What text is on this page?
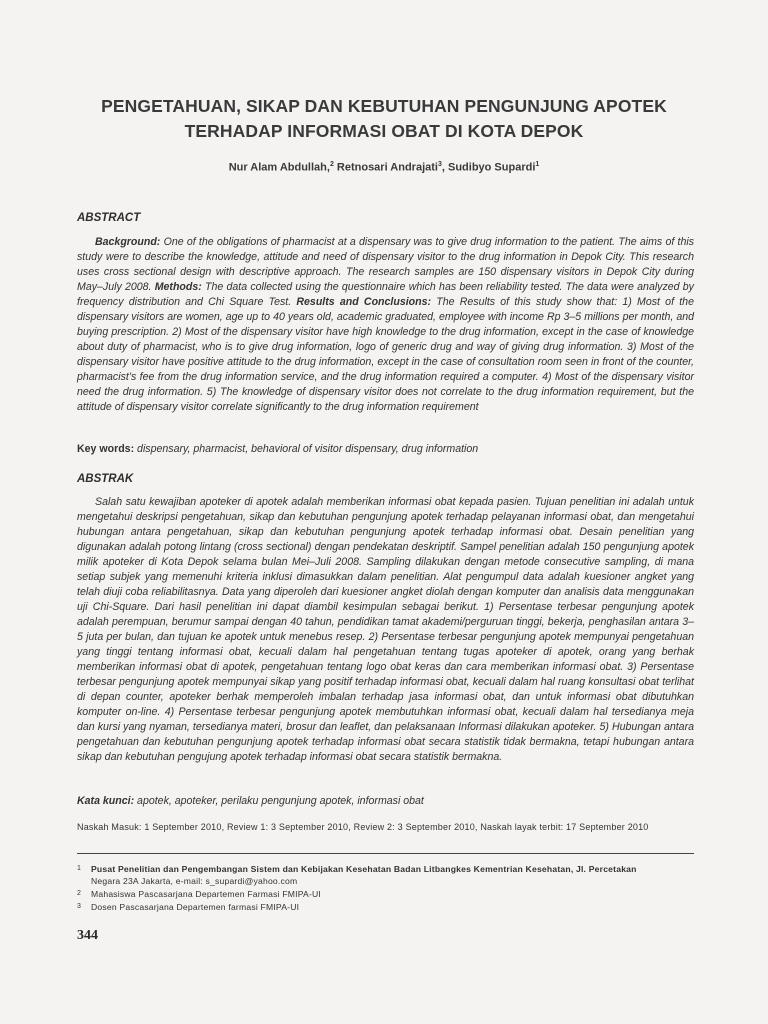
PENGETAHUAN, SIKAP DAN KEBUTUHAN PENGUNJUNG APOTEK
TERHADAP INFORMASI OBAT DI KOTA DEPOK
Nur Alam Abdullah,$^2$ Retnosari Andrajati$^3$, Sudibyo Supardi$^1$
ABSTRACT
Background: One of the obligations of pharmacist at a dispensary was to give drug information to the patient. The aims of this study were to describe the knowledge, attitude and need of dispensary visitor to the drug information in Depok City. This research uses cross sectional design with descriptive approach. The research samples are 150 dispensary visitors in Depok City during May–July 2008. Methods: The data collected using the questionnaire which has been reliability tested. The data were analyzed by frequency distribution and Chi Square Test. Results and Conclusions: The Results of this study show that: 1) Most of the dispensary visitors are women, age up to 40 years old, academic graduated, employee with income Rp 3–5 millions per month, and buying prescription. 2) Most of the dispensary visitor have high knowledge to the drug information, except in the case of knowledge about duty of pharmacist, who is to give drug information, logo of generic drug and way of giving drug information. 3) Most of the dispensary visitor have positive attitude to the drug information, except in the case of consultation room seen in front of the counter, pharmacist’s fee from the drug information service, and the drug information required a computer. 4) Most of the dispensary visitor need the drug information. 5) The knowledge of dispensary visitor does not correlate to the drug information requirement, but the attitude of dispensary visitor correlate significantly to the drug information requirement
Key words: dispensary, pharmacist, behavioral of visitor dispensary, drug information
ABSTRAK
Salah satu kewajiban apoteker di apotek adalah memberikan informasi obat kepada pasien. Tujuan penelitian ini adalah untuk mengetahui deskripsi pengetahuan, sikap dan kebutuhan pengunjung apotek terhadap pelayanan informasi obat, dan mengetahui hubungan antara pengetahuan, sikap dan kebutuhan pengunjung apotek terhadap informasi obat. Desain penelitian yang digunakan adalah potong lintang (cross sectional) dengan pendekatan deskriptif. Sampel penelitian adalah 150 pengunjung apotek milik apoteker di Kota Depok selama bulan Mei–Juli 2008. Sampling dilakukan dengan metode consecutive sampling, di mana setiap subjek yang memenuhi kriteria inklusi dimasukkan dalam penelitian. Alat pengumpul data adalah kuesioner angket yang telah diuji coba reliabilitasnya. Data yang diperoleh dari kuesioner angket diolah dengan komputer dan analisis data menggunakan uji Chi-Square. Dari hasil penelitian ini dapat diambil kesimpulan sebagai berikut. 1) Persentase terbesar pengunjung apotek adalah perempuan, berumur sampai dengan 40 tahun, pendidikan tamat akademi/perguruan tinggi, bekerja, penghasilan antara 3–5 juta per bulan, dan tujuan ke apotek untuk menebus resep. 2) Persentase terbesar pengunjung apotek mempunyai pengetahuan yang tinggi tentang informasi obat, kecuali dalam hal pengetahuan tentang tugas apoteker di apotek, orang yang berhak memberikan informasi obat di apotek, pengetahuan tentang logo obat keras dan cara memberikan informasi obat. 3) Persentase terbesar pengunjung apotek mempunyai sikap yang positif terhadap informasi obat, kecuali dalam hal ruang konsultasi obat terlihat di depan counter, apoteker berhak memperoleh imbalan terhadap jasa informasi obat, dan untuk informasi obat dibutuhkan komputer on-line. 4) Persentase terbesar pengunjung apotek membutuhkan informasi obat, kecuali dalam hal tersedianya meja dan kursi yang nyaman, tersedianya materi, brosur dan leaflet, dan pelaksanaan Informasi dilakukan apoteker. 5) Hubungan antara pengetahuan dan kebutuhan pengunjung apotek terhadap informasi obat secara statistik tidak bermakna, tetapi hubungan antara sikap dan kebutuhan pengujung apotek terhadap informasi obat secara statistik bermakna.
Kata kunci: apotek, apoteker, perilaku pengunjung apotek, informasi obat
Naskah Masuk: 1 September 2010, Review 1: 3 September 2010, Review 2: 3 September 2010, Naskah layak terbit: 17 September 2010
1	Pusat Penelitian dan Pengembangan Sistem dan Kebijakan Kesehatan Badan Litbangkes Kementrian Kesehatan, Jl. Percetakan
Negara 23A Jakarta, e-mail: s_supardi@yahoo.com
2	Mahasiswa Pascasarjana Departemen Farmasi FMIPA-UI
3	Dosen Pascasarjana Departemen farmasi FMIPA-UI
344
